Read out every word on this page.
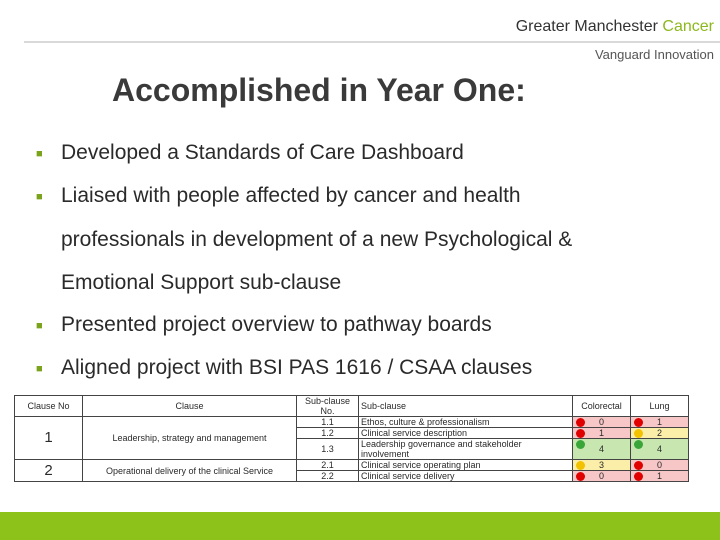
Greater Manchester Cancer
Vanguard Innovation
Accomplished in Year One:
■ Developed a Standards of Care Dashboard
■ Liaised with people affected by cancer and health
professionals in development of a new Psychological &
Emotional Support sub-clause
■ Presented project overview to pathway boards
■ Aligned project with BSI PAS 1616 / CSAA clauses
Clause No	Clause	Sub-clause No.	Sub-clause	Colorectal	Lung
1	Leadership, strategy and management	1.1	Ethos, culture & professionalism	0	1
		1.2	Clinical service description	1	2
		1.3	Leadership governance and stakeholder involvement	4	4
2	Operational delivery of the clinical Service	2.1	Clinical service operating plan	3	0
		2.2	Clinical service delivery	0	1
